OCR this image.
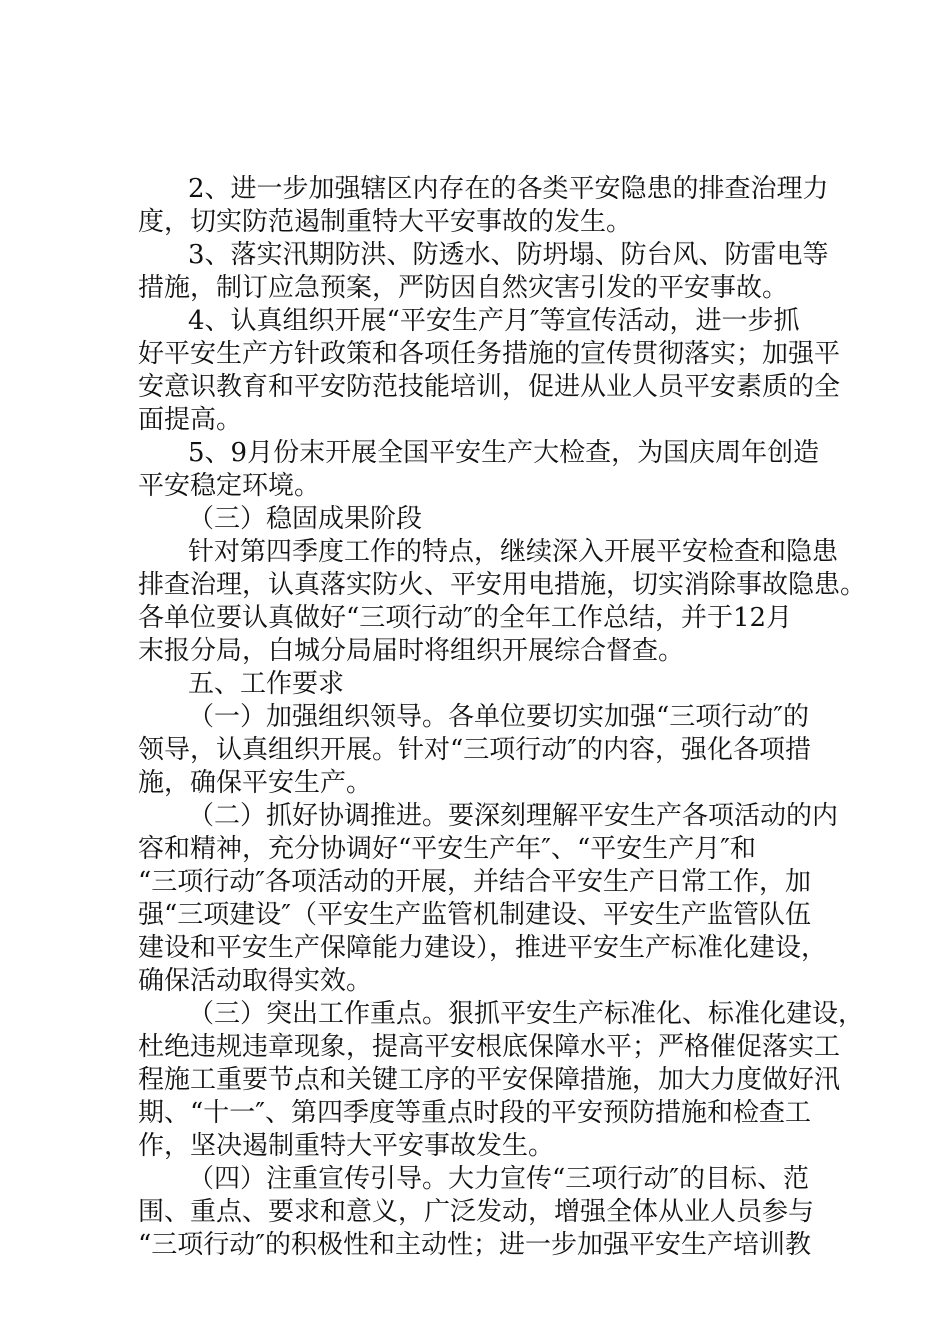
2、进一步加强辖区内存在的各类平安隐患的排查治理力
度，切实防范遏制重特大平安事故的发生。
3、落实汛期防洪、防透水、防坍塌、防台风、防雷电等
措施，制订应急预案，严防因自然灾害引发的平安事故。
4、认真组织开展“平安生产月″等宣传活动，进一步抓
好平安生产方针政策和各项任务措施的宣传贯彻落实；加强平
安意识教育和平安防范技能培训，促进从业人员平安素质的全
面提高。
5、9月份末开展全国平安生产大检查，为国庆周年创造
平安稳定环境。
（三）稳固成果阶段
针对第四季度工作的特点，继续深入开展平安检查和隐患
排查治理，认真落实防火、平安用电措施，切实消除事故隐患。
各单位要认真做好“三项行动″的全年工作总结，并于12月
末报分局，白城分局届时将组织开展综合督查。
五、工作要求
（一）加强组织领导。各单位要切实加强“三项行动″的
领导，认真组织开展。针对“三项行动″的内容，强化各项措
施，确保平安生产。
（二）抓好协调推进。要深刻理解平安生产各项活动的内
容和精神，充分协调好“平安生产年″、“平安生产月″和
“三项行动″各项活动的开展，并结合平安生产日常工作，加
强“三项建设″（平安生产监管机制建设、平安生产监管队伍
建设和平安生产保障能力建设），推进平安生产标准化建设，
确保活动取得实效。
（三）突出工作重点。狠抓平安生产标准化、标准化建设，
杜绝违规违章现象，提高平安根底保障水平；严格催促落实工
程施工重要节点和关键工序的平安保障措施，加大力度做好汛
期、“十一″、第四季度等重点时段的平安预防措施和检查工
作，坚决遏制重特大平安事故发生。
（四）注重宣传引导。大力宣传“三项行动″的目标、范
围、重点、要求和意义，广泛发动，增强全体从业人员参与
“三项行动″的积极性和主动性；进一步加强平安生产培训教
